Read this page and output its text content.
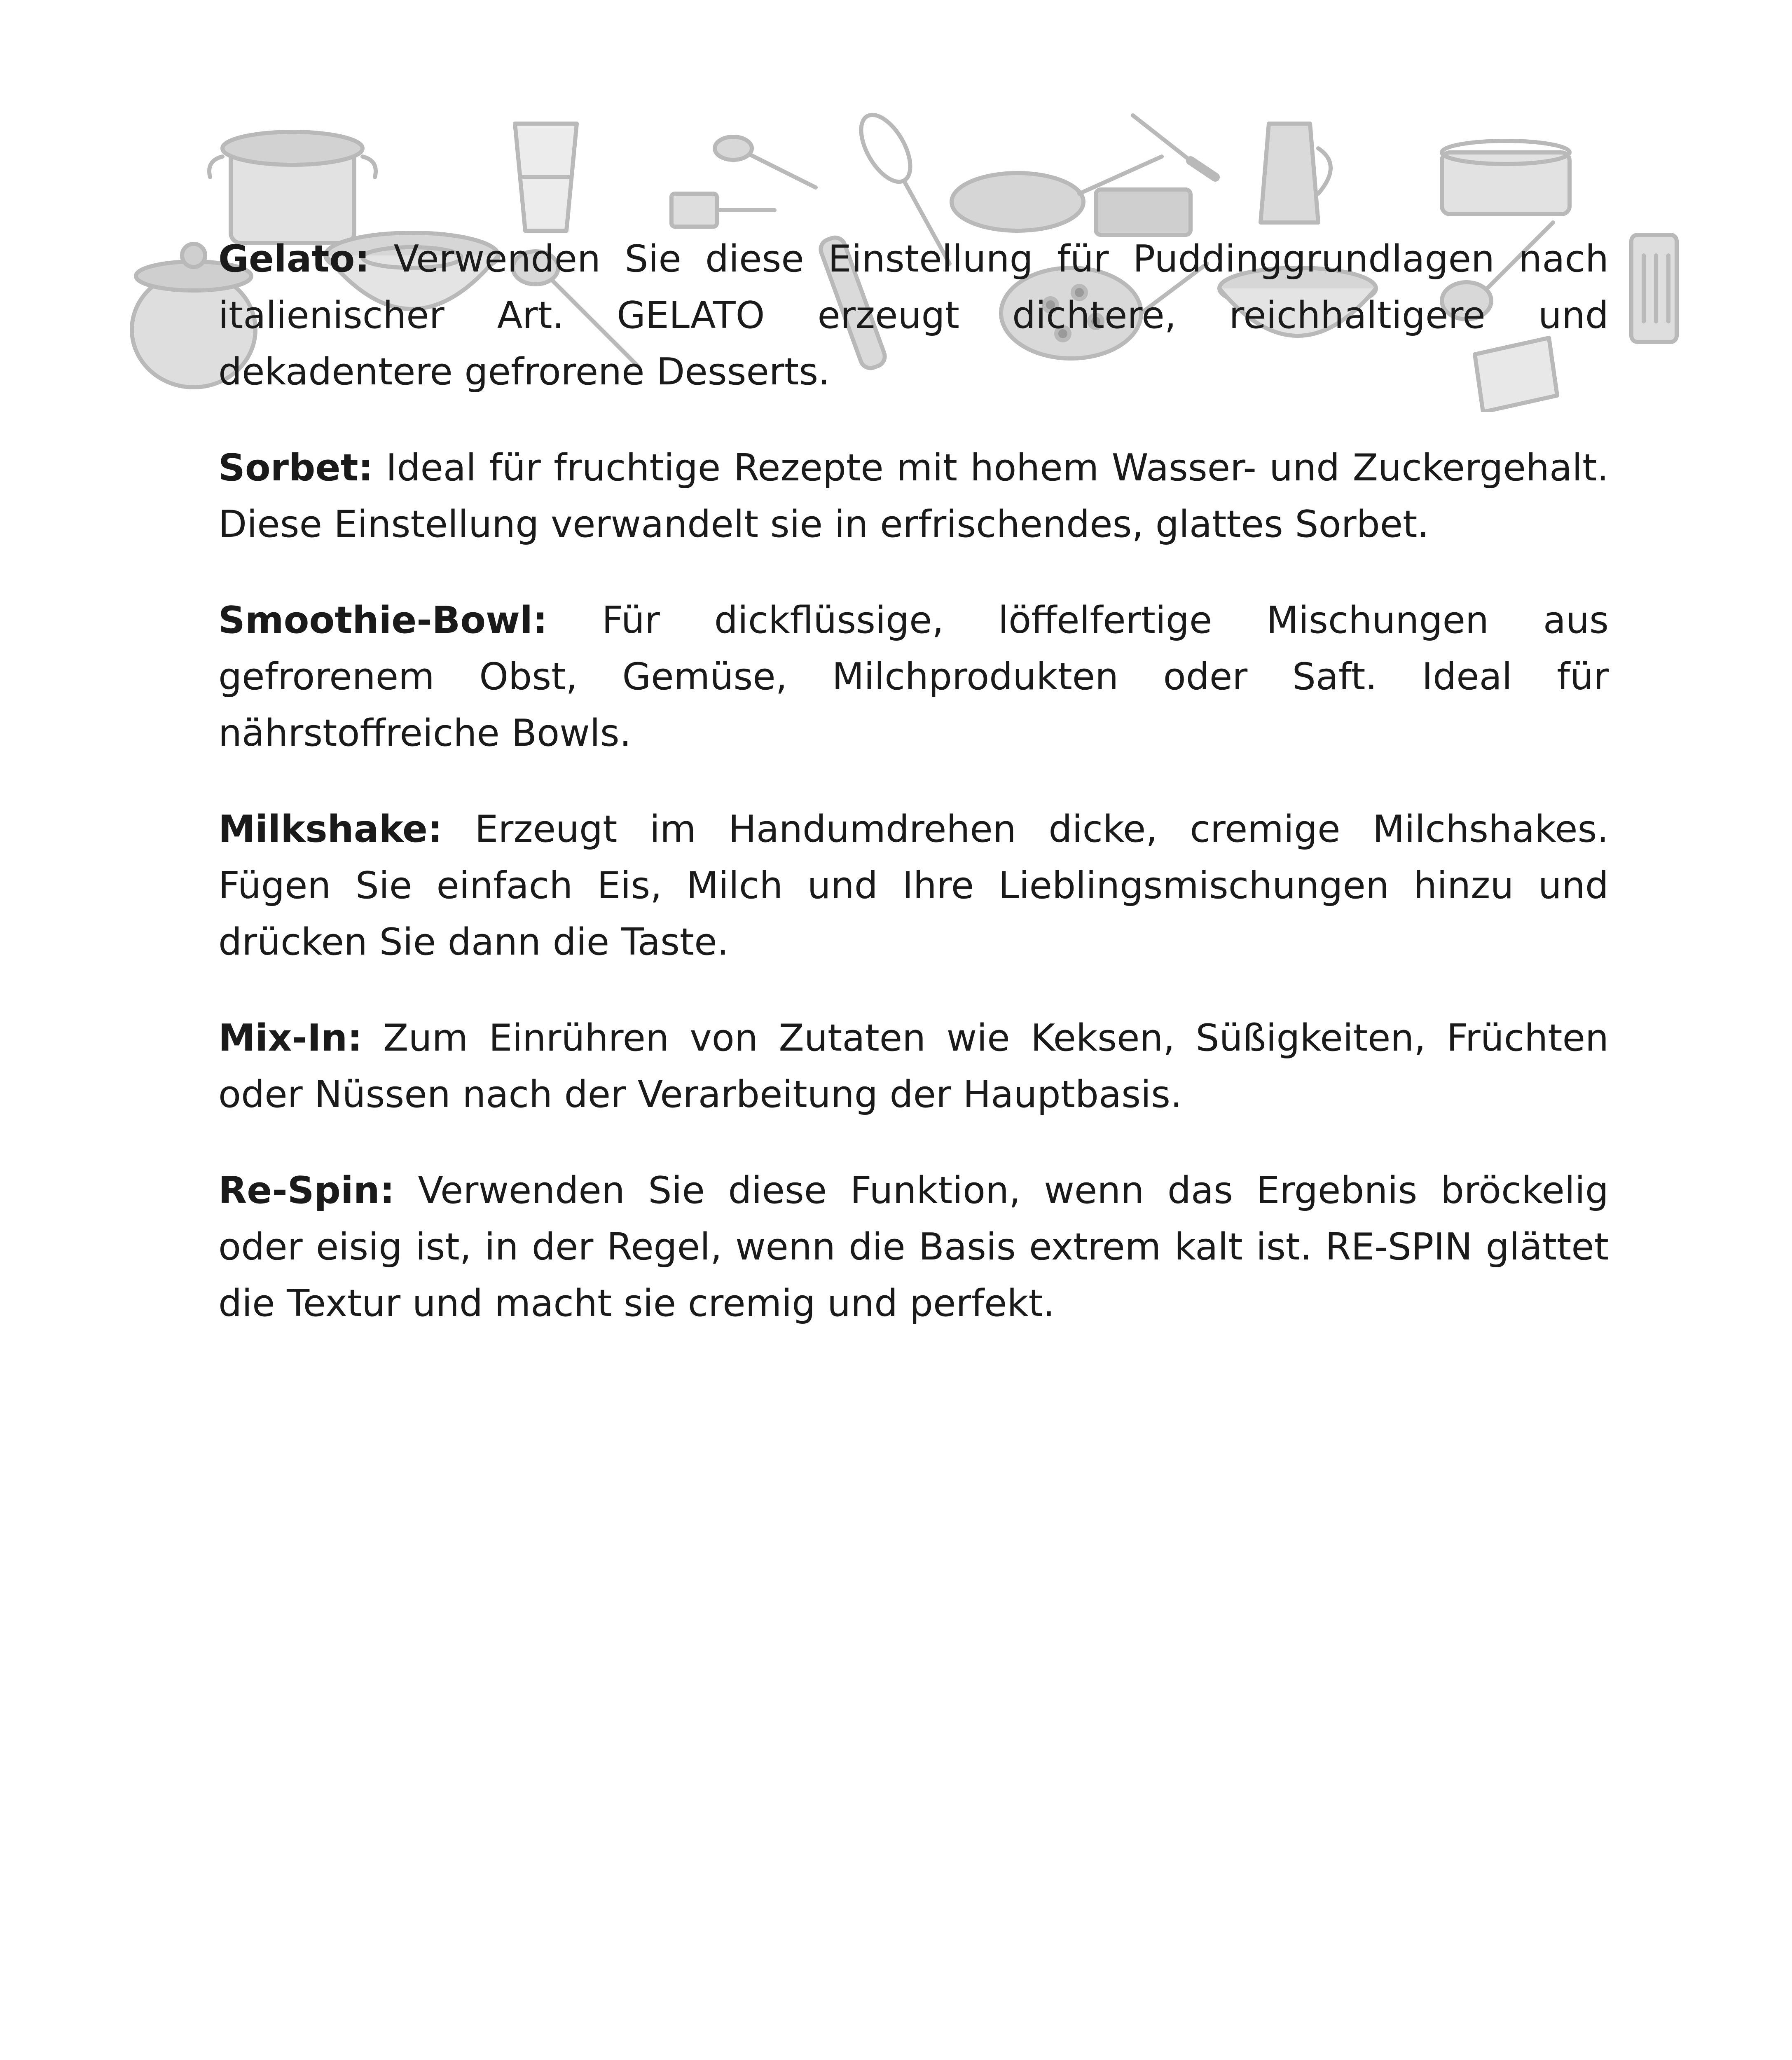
Gelato: Verwenden Sie diese Einstellung für Puddinggrundlagen nach italienischer Art. GELATO erzeugt dichtere, reichhaltigere und dekadentere gefrorene Desserts.

Sorbet: Ideal für fruchtige Rezepte mit hohem Wasser- und Zuckergehalt. Diese Einstellung verwandelt sie in erfrischendes, glattes Sorbet.

Smoothie-Bowl: Für dickflüssige, löffelfertige Mischungen aus gefrorenem Obst, Gemüse, Milchprodukten oder Saft. Ideal für nährstoffreiche Bowls.

Milkshake: Erzeugt im Handumdrehen dicke, cremige Milchshakes. Fügen Sie einfach Eis, Milch und Ihre Lieblingsmischungen hinzu und drücken Sie dann die Taste.

Mix-In: Zum Einrühren von Zutaten wie Keksen, Süßigkeiten, Früchten oder Nüssen nach der Verarbeitung der Hauptbasis.

Re-Spin: Verwenden Sie diese Funktion, wenn das Ergebnis bröckelig oder eisig ist, in der Regel, wenn die Basis extrem kalt ist. RE-SPIN glättet die Textur und macht sie cremig und perfekt.
